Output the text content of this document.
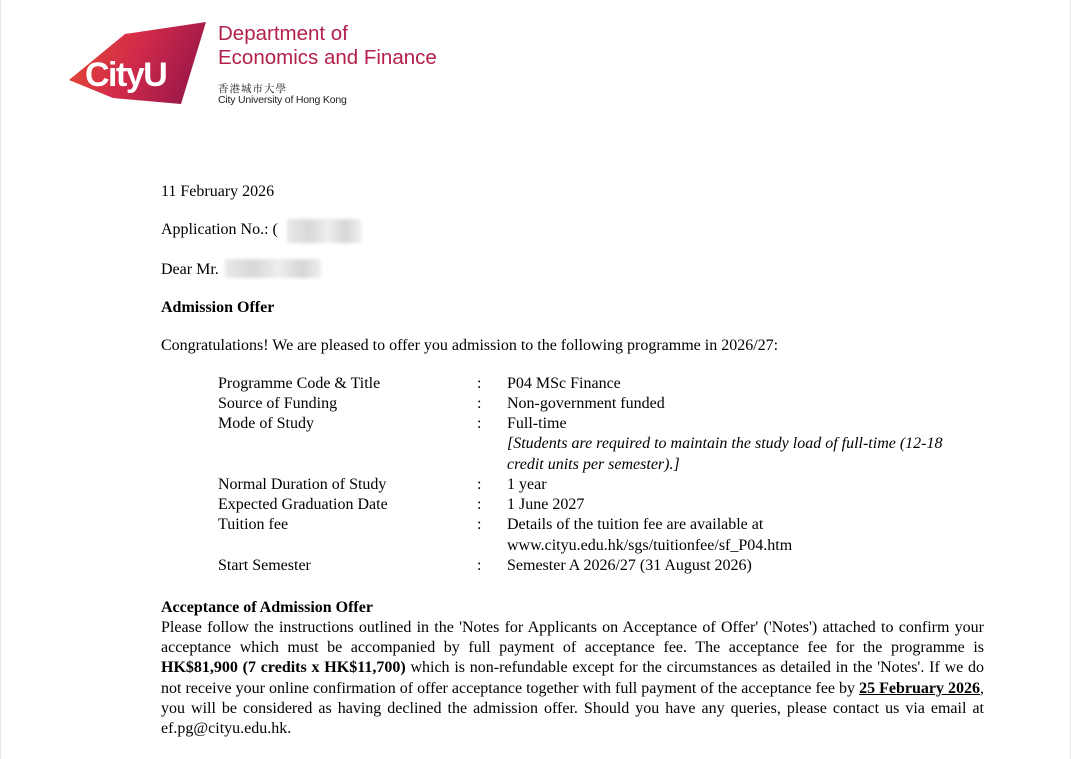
CityU
Department of
Economics and Finance
香港城市大學
City University of Hong Kong
11 February 2026
Application No.: (
Dear Mr.
Admission Offer
Congratulations! We are pleased to offer you admission to the following programme in 2026/27:
Programme Code & Title	: P04 MSc Finance
Source of Funding	: Non-government funded
Mode of Study	: Full-time
[Students are required to maintain the study load of full-time (12-18
credit units per semester).]
Normal Duration of Study	: 1 year
Expected Graduation Date	: 1 June 2027
Tuition fee	: Details of the tuition fee are available at
www.cityu.edu.hk/sgs/tuitionfee/sf_P04.htm
Start Semester	: Semester A 2026/27 (31 August 2026)
Acceptance of Admission Offer
Please follow the instructions outlined in the 'Notes for Applicants on Acceptance of Offer' ('Notes') attached to confirm your acceptance which must be accompanied by full payment of acceptance fee. The acceptance fee for the programme is HK$81,900 (7 credits x HK$11,700) which is non-refundable except for the circumstances as detailed in the 'Notes'. If we do not receive your online confirmation of offer acceptance together with full payment of the acceptance fee by 25 February 2026, you will be considered as having declined the admission offer. Should you have any queries, please contact us via email at ef.pg@cityu.edu.hk.
